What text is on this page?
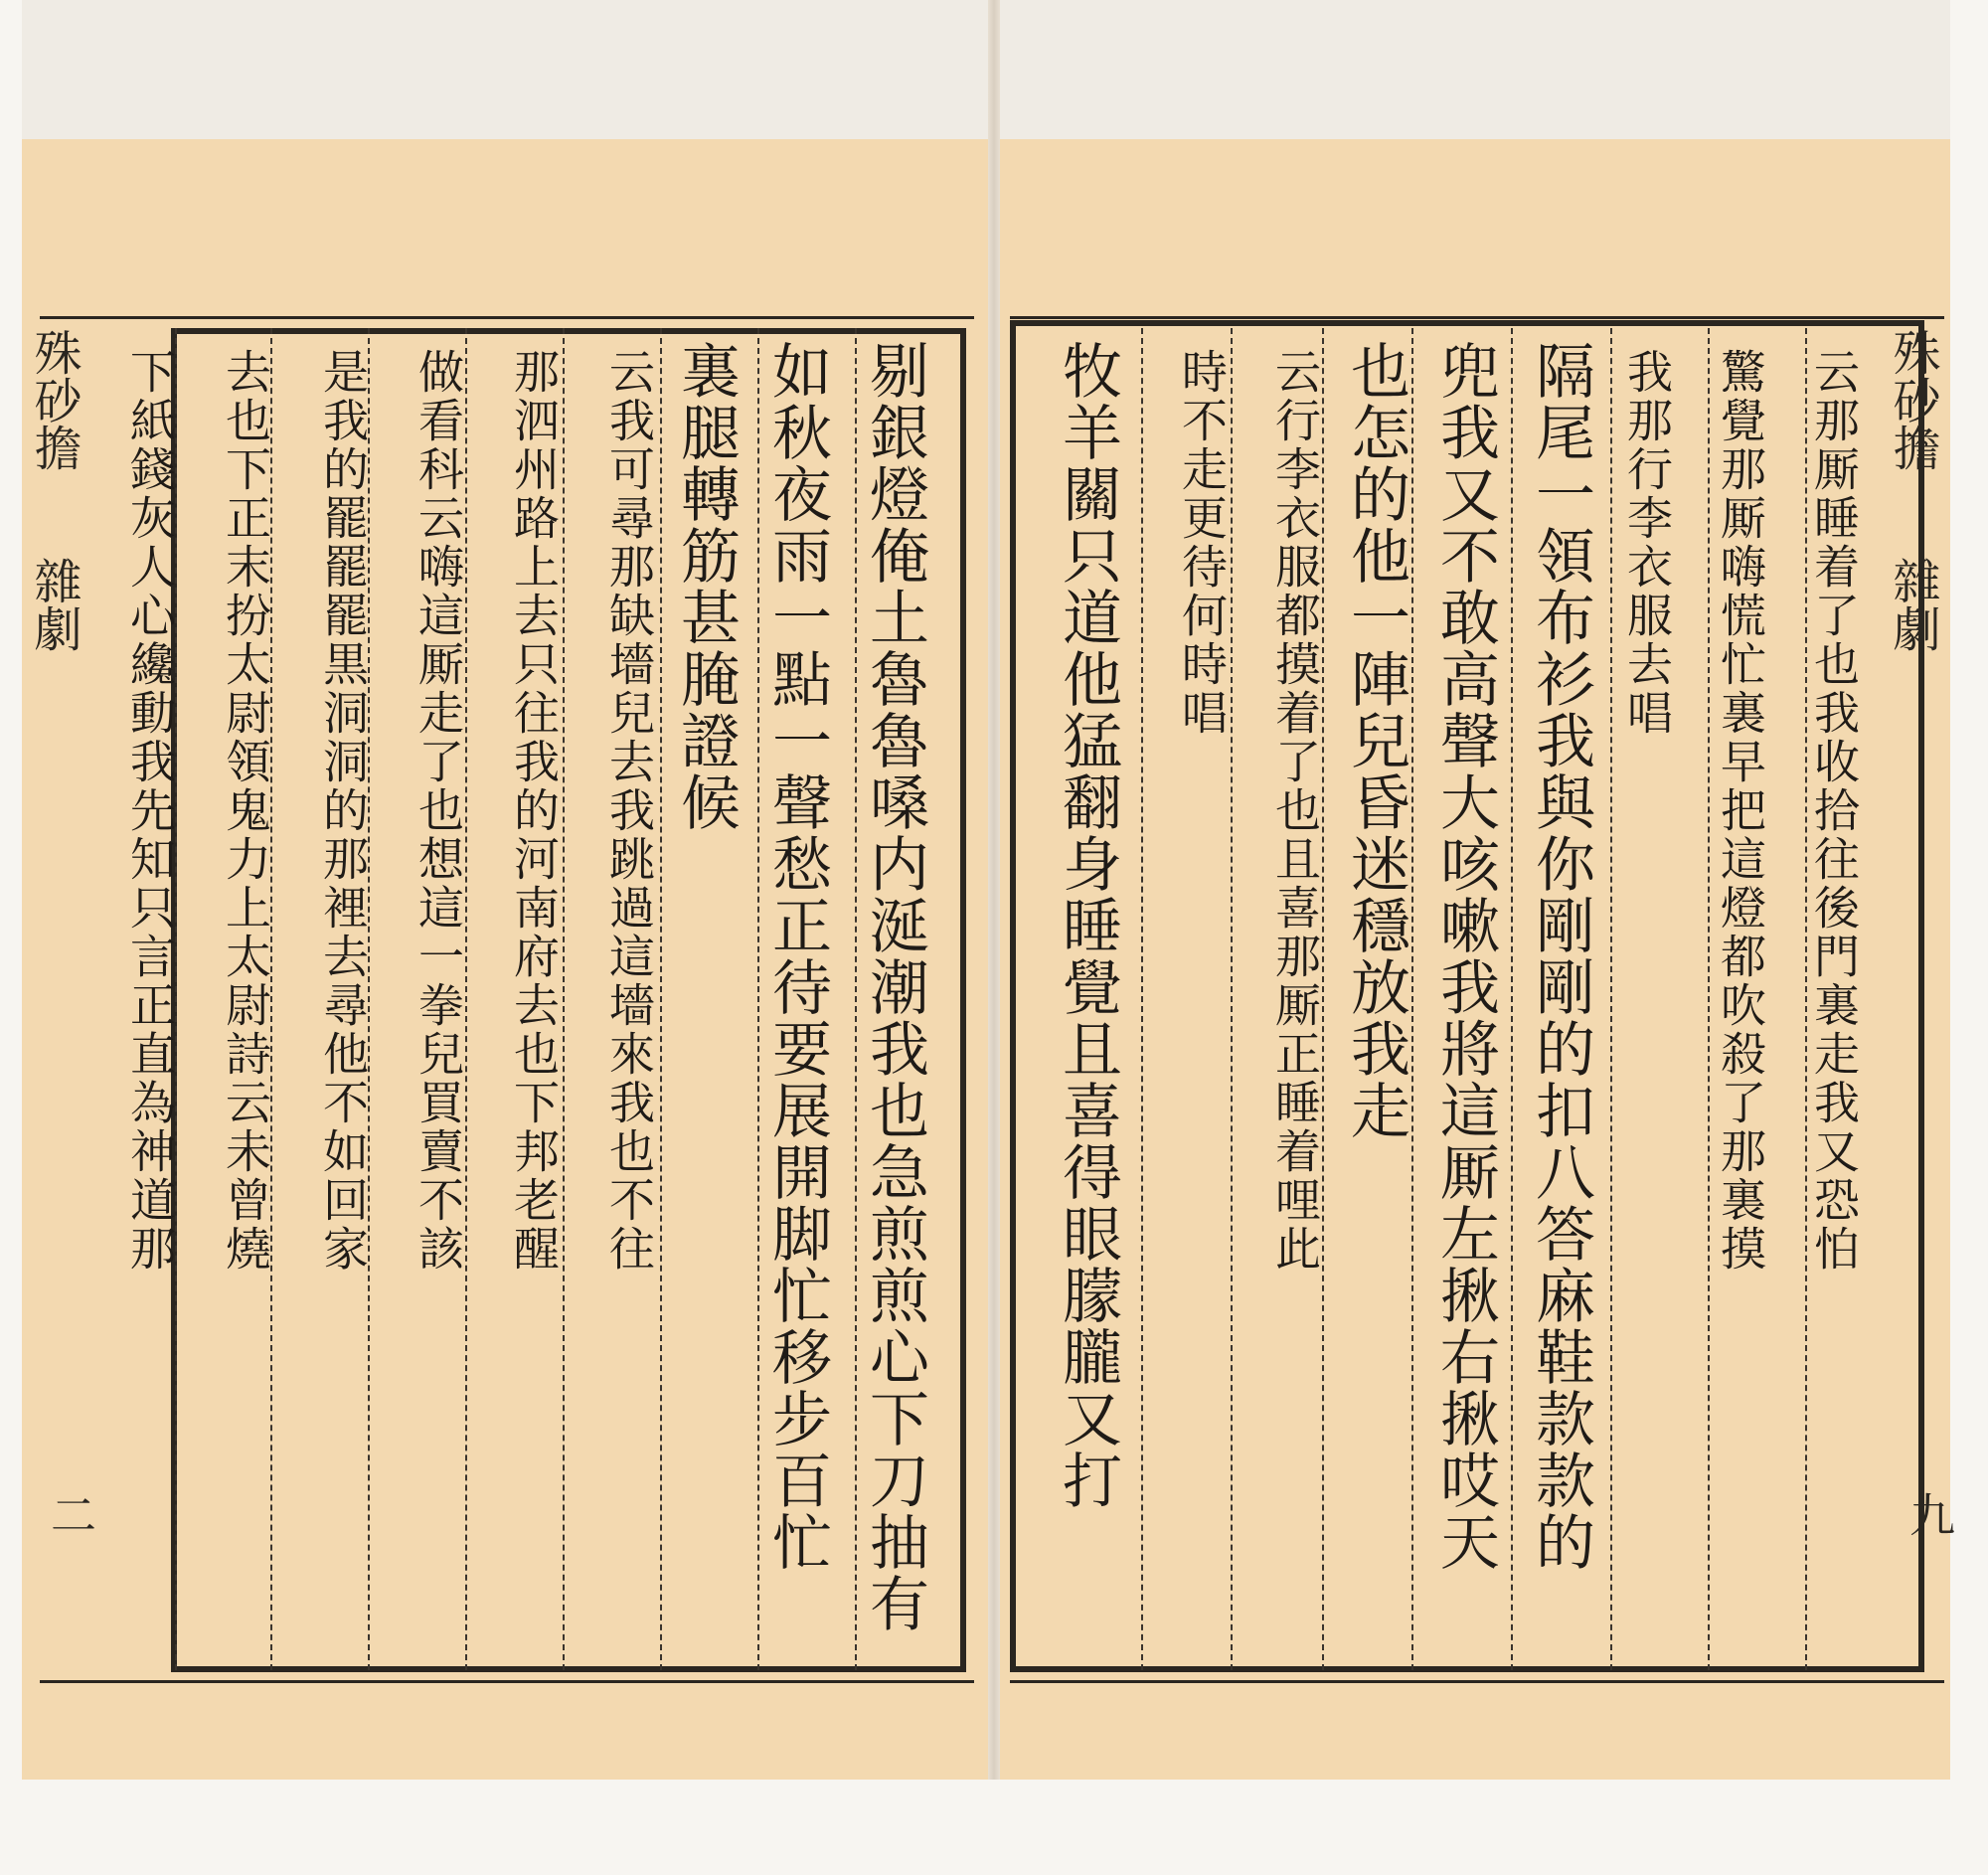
殊砂擔
雜劇
二	剔銀燈俺土魯魯嗓内涎潮我也急煎煎心下刀抽有
如秋夜雨一點一聲愁正待要展開脚忙移步百忙
裏腿轉筋甚腌證候
云我可尋那缺墻兒去我跳過這墻來我也不往
那泗州路上去只往我的河南府去也下邦老醒
做看科云嗨這厮走了也想這一拳兒買賣不該
是我的罷罷罷黒洞洞的那裡去尋他不如回家
去也下正末扮太尉領鬼力上太尉詩云未曾燒
下紙錢灰人心纔動我先知只言正直為神道那	殊砂擔
雜劇
九
云那厮睡着了也我收拾往後門裏走我又恐怕
驚覺那厮嗨慌忙裏早把這燈都吹殺了那裏摸
我那行李衣服去唱
隔尾一領布衫我與你剛剛的扣八答麻鞋款款的
兜我又不敢高聲大咳嗽我將這厮左揪右揪哎天
也怎的他一陣兒昏迷穩放我走
云行李衣服都摸着了也且喜那厮正睡着哩此
時不走更待何時唱
牧羊關只道他猛翻身睡覺且喜得眼朦朧又打
